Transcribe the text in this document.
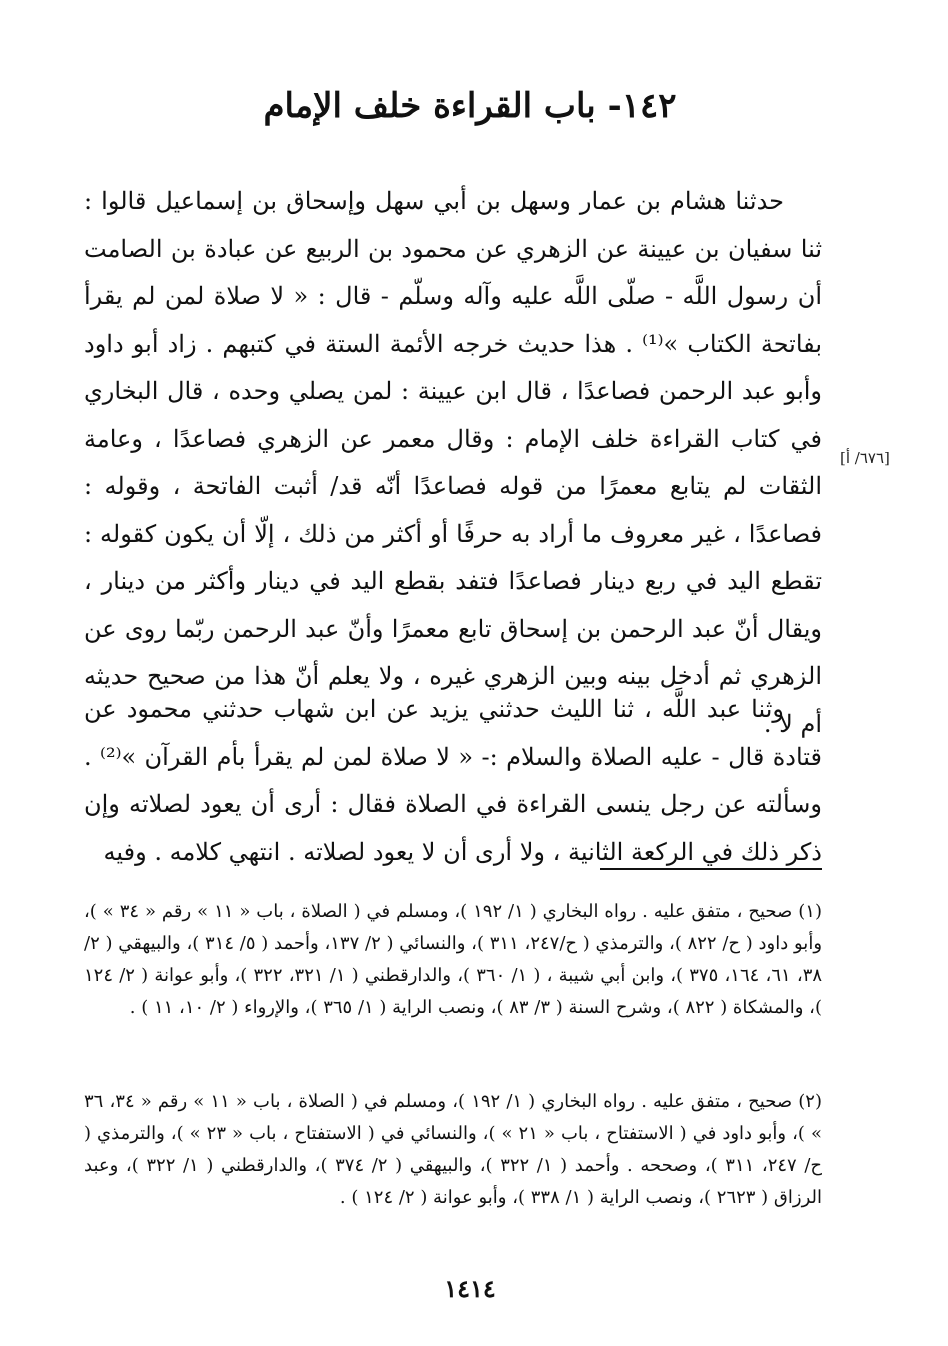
١٤٢- باب القراءة خلف الإمام

حدثنا هشام بن عمار وسهل بن أبي سهل وإسحاق بن إسماعيل قالوا : ثنا سفيان بن عيينة عن الزهري عن محمود بن الربيع عن عبادة بن الصامت أن رسول اللَّه - صلّى اللَّه عليه وآله وسلّم - قال : « لا صلاة لمن لم يقرأ بفاتحة الكتاب »⁽¹⁾ . هذا حديث خرجه الأئمة الستة في كتبهم . زاد أبو داود وأبو عبد الرحمن فصاعدًا ، قال ابن عيينة : لمن يصلي وحده ، قال البخاري في كتاب القراءة خلف الإمام : وقال معمر عن الزهري فصاعدًا ، وعامة الثقات لم يتابع معمرًا من قوله فصاعدًا أنّه قد/ أثبت الفاتحة ، وقوله : فصاعدًا ، غير معروف ما أراد به حرفًا أو أكثر من ذلك ، إلّا أن يكون كقوله : تقطع اليد في ربع دينار فصاعدًا فتفد بقطع اليد في دينار وأكثر من دينار ، ويقال أنّ عبد الرحمن بن إسحاق تابع معمرًا وأنّ عبد الرحمن ربّما روى عن الزهري ثم أدخل بينه وبين الزهري غيره ، ولا يعلم أنّ هذا من صحيح حديثه أم لا .

[٦٧٦/ أ]

وثنا عبد اللَّه ، ثنا الليث حدثني يزيد عن ابن شهاب حدثني محمود عن قتادة قال - عليه الصلاة والسلام :- « لا صلاة لمن لم يقرأ بأم القرآن »⁽²⁾ . وسألته عن رجل ينسى القراءة في الصلاة فقال : أرى أن يعود لصلاته وإن ذكر ذلك في الركعة الثانية ، ولا أرى أن لا يعود لصلاته . انتهي كلامه . وفيه

(١) صحيح ، متفق عليه . رواه البخاري ( ١/ ١٩٢ )، ومسلم في ( الصلاة ، باب « ١١ » رقم « ٣٤ » )، وأبو داود ( ح/ ٨٢٢ )، والترمذي ( ح/٢٤٧، ٣١١ )، والنسائي ( ٢/ ١٣٧، وأحمد ( ٥/ ٣١٤ )، والبيهقي ( ٢/ ٣٨، ٦١، ١٦٤، ٣٧٥ )، وابن أبي شيبة ، ( ١/ ٣٦٠ )، والدارقطني ( ١/ ٣٢١، ٣٢٢ )، وأبو عوانة ( ٢/ ١٢٤ )، والمشكاة ( ٨٢٢ )، وشرح السنة ( ٣/ ٨٣ )، ونصب الراية ( ١/ ٣٦٥ )، والإرواء ( ٢/ ١٠، ١١ ) .

(٢) صحيح ، متفق عليه . رواه البخاري ( ١/ ١٩٢ )، ومسلم في ( الصلاة ، باب « ١١ » رقم « ٣٤، ٣٦ » )، وأبو داود في ( الاستفتاح ، باب « ٢١ » )، والنسائي في ( الاستفتاح ، باب « ٢٣ » )، والترمذي ( ح/ ٢٤٧، ٣١١ )، وصححه . وأحمد ( ١/ ٣٢٢ )، والبيهقي ( ٢/ ٣٧٤ )، والدارقطني ( ١/ ٣٢٢ )، وعبد الرزاق ( ٢٦٢٣ )، ونصب الراية ( ١/ ٣٣٨ )، وأبو عوانة ( ٢/ ١٢٤ ) .

١٤١٤
